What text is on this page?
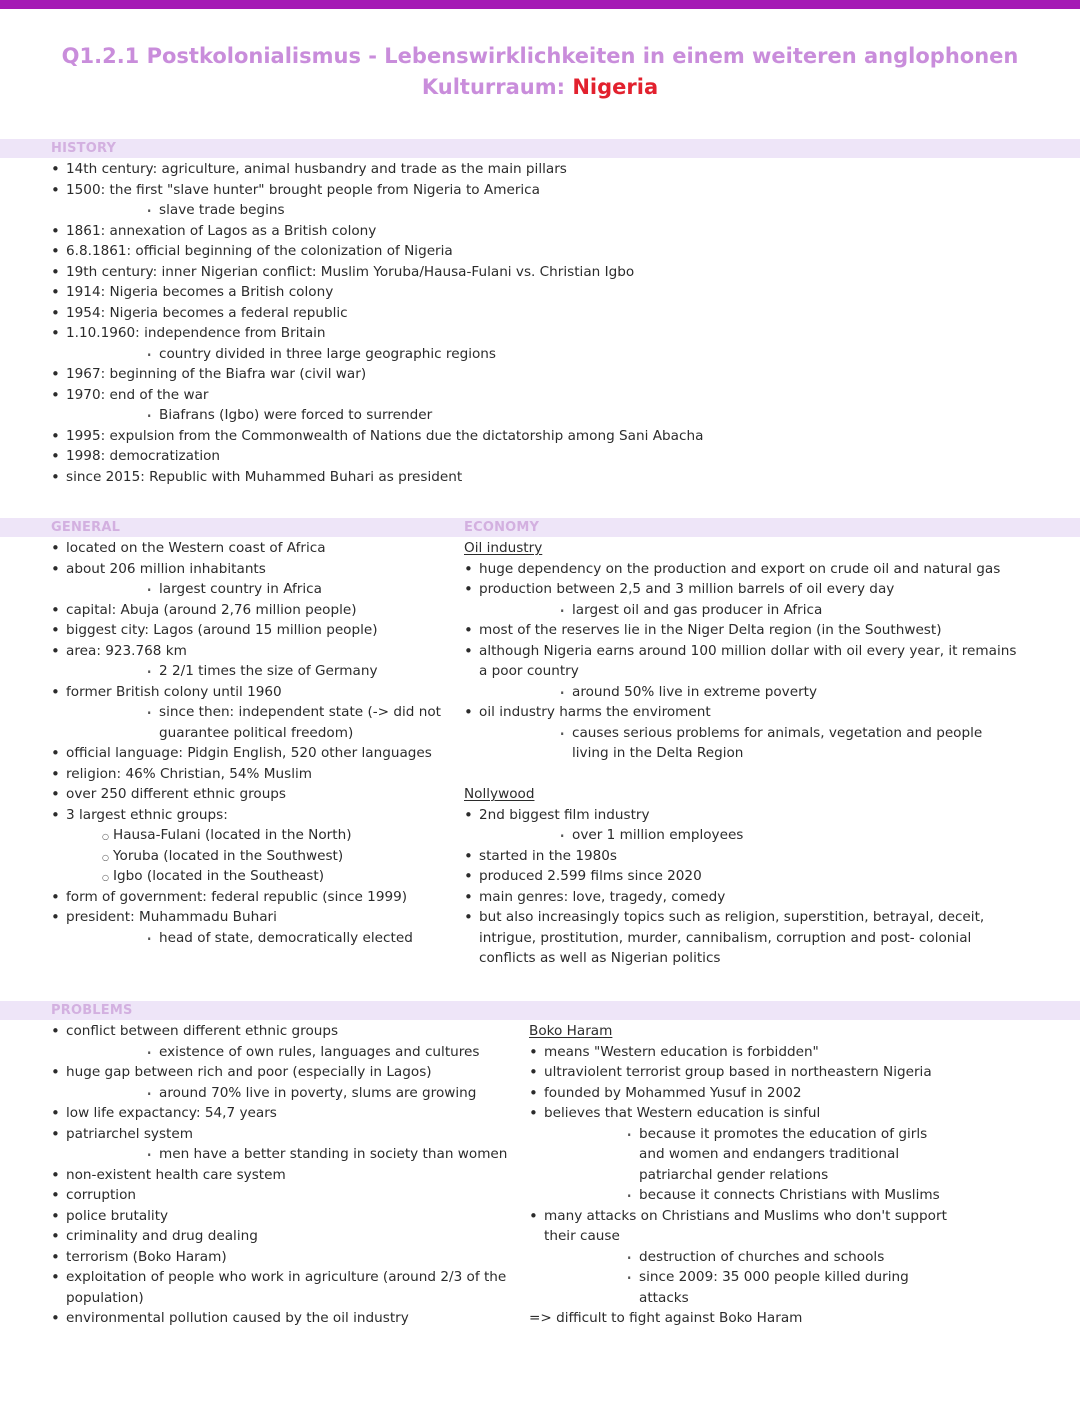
Q1.2.1 Postkolonialismus - Lebenswirklichkeiten in einem weiteren anglophonen
Kulturraum: Nigeria
HISTORY
• 14th century: agriculture, animal husbandry and trade as the main pillars
• 1500: the first "slave hunter" brought people from Nigeria to America
· slave trade begins
• 1861: annexation of Lagos as a British colony
• 6.8.1861: official beginning of the colonization of Nigeria
• 19th century: inner Nigerian conflict: Muslim Yoruba/Hausa-Fulani vs. Christian Igbo
• 1914: Nigeria becomes a British colony
• 1954: Nigeria becomes a federal republic
• 1.10.1960: independence from Britain
· country divided in three large geographic regions
• 1967: beginning of the Biafra war (civil war)
• 1970: end of the war
· Biafrans (Igbo) were forced to surrender
• 1995: expulsion from the Commonwealth of Nations due the dictatorship among Sani Abacha
• 1998: democratization
• since 2015: Republic with Muhammed Buhari as president
GENERAL	ECONOMY
• located on the Western coast of Africa
• about 206 million inhabitants
· largest country in Africa
• capital: Abuja (around 2,76 million people)
• biggest city: Lagos (around 15 million people)
• area: 923.768 km
· 2 2/1 times the size of Germany
• former British colony until 1960
· since then: independent state (-> did not
guarantee political freedom)
• official language: Pidgin English, 520 other languages
• religion: 46% Christian, 54% Muslim
• over 250 different ethnic groups
• 3 largest ethnic groups:
○ Hausa-Fulani (located in the North)
○ Yoruba (located in the Southwest)
○ Igbo (located in the Southeast)
• form of government: federal republic (since 1999)
• president: Muhammadu Buhari
· head of state, democratically elected
Oil industry
• huge dependency on the production and export on crude oil and natural gas
• production between 2,5 and 3 million barrels of oil every day
· largest oil and gas producer in Africa
• most of the reserves lie in the Niger Delta region (in the Southwest)
• although Nigeria earns around 100 million dollar with oil every year, it remains
a poor country
· around 50% live in extreme poverty
• oil industry harms the enviroment
· causes serious problems for animals, vegetation and people
living in the Delta Region
Nollywood
• 2nd biggest film industry
· over 1 million employees
• started in the 1980s
• produced 2.599 films since 2020
• main genres: love, tragedy, comedy
• but also increasingly topics such as religion, superstition, betrayal, deceit,
intrigue, prostitution, murder, cannibalism, corruption and post- colonial
conflicts as well as Nigerian politics
PROBLEMS
• conflict between different ethnic groups
· existence of own rules, languages and cultures
• huge gap between rich and poor (especially in Lagos)
· around 70% live in poverty, slums are growing
• low life expactancy: 54,7 years
• patriarchel system
· men have a better standing in society than women
• non-existent health care system
• corruption
• police brutality
• criminality and drug dealing
• terrorism (Boko Haram)
• exploitation of people who work in agriculture (around 2/3 of the
population)
• environmental pollution caused by the oil industry
Boko Haram
• means "Western education is forbidden"
• ultraviolent terrorist group based in northeastern Nigeria
• founded by Mohammed Yusuf in 2002
• believes that Western education is sinful
· because it promotes the education of girls
and women and endangers traditional
patriarchal gender relations
· because it connects Christians with Muslims
• many attacks on Christians and Muslims who don't support
their cause
· destruction of churches and schools
· since 2009: 35 000 people killed during
attacks
=> difficult to fight against Boko Haram
